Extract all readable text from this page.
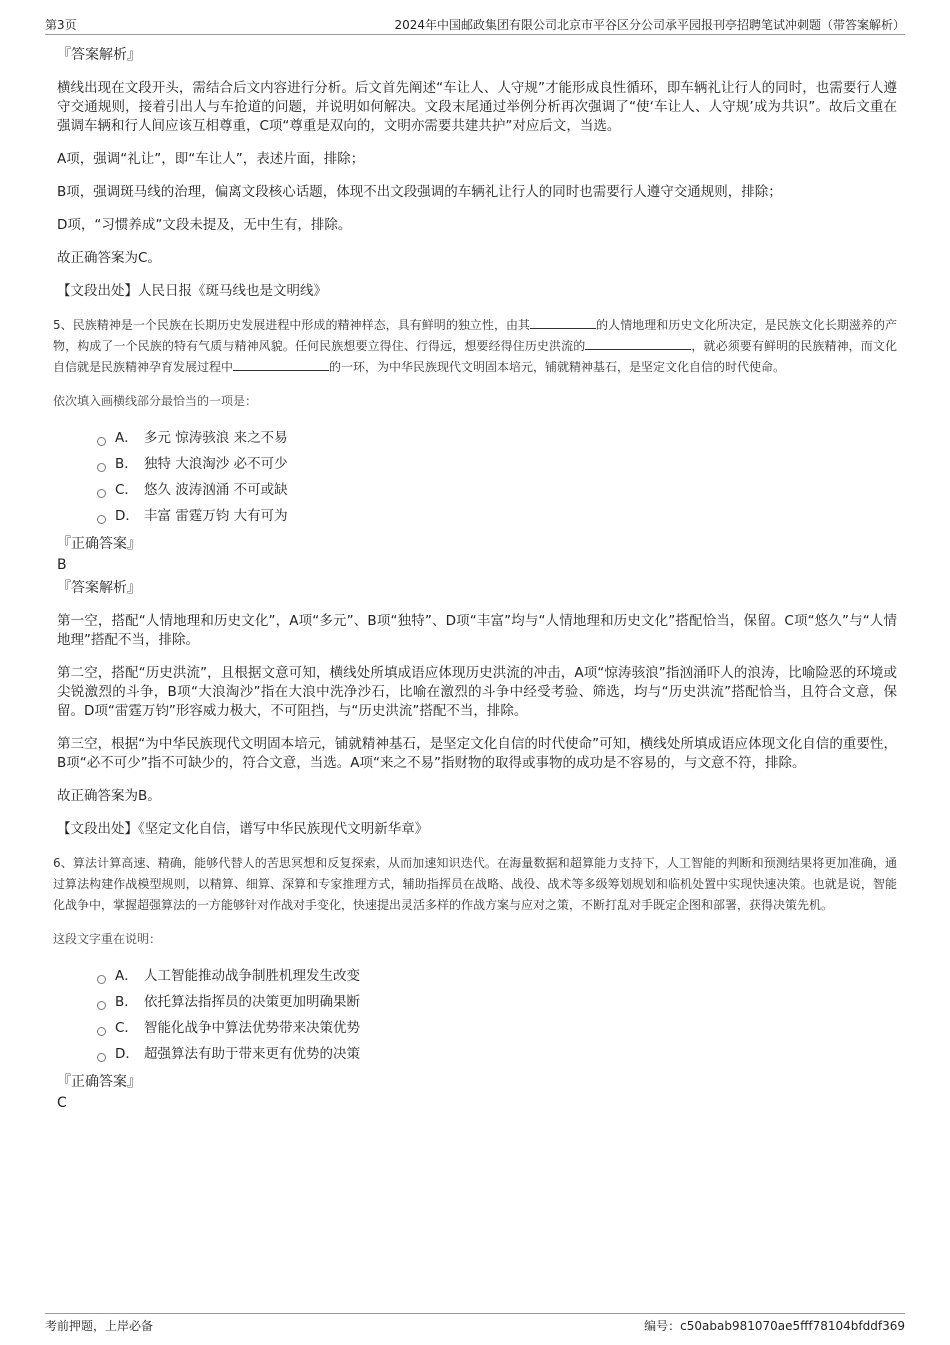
第3页	2024年中国邮政集团有限公司北京市平谷区分公司承平园报刊亭招聘笔试冲刺题（带答案解析）
『答案解析』

横线出现在文段开头，需结合后文内容进行分析。后文首先阐述“车让人、人守规”才能形成良性循环，即车辆礼让行人的同时，也需要行人遵守交通规则，接着引出人与车抢道的问题，并说明如何解决。文段末尾通过举例分析再次强调了“使‘车让人、人守规’成为共识”。故后文重在强调车辆和行人间应该互相尊重，C项“尊重是双向的，文明亦需要共建共护”对应后文，当选。

A项，强调“礼让”，即“车让人”，表述片面，排除；

B项，强调斑马线的治理，偏离文段核心话题，体现不出文段强调的车辆礼让行人的同时也需要行人遵守交通规则，排除；

D项，“习惯养成”文段未提及，无中生有，排除。

故正确答案为C。

【文段出处】人民日报《斑马线也是文明线》

5、民族精神是一个民族在长期历史发展进程中形成的精神样态，具有鲜明的独立性，由其	的人情地理和历史文化所决定，是民族文化长期滋养的产物，构成了一个民族的特有气质与精神风貌。任何民族想要立得住、行得远，想要经得住历史洪流的	，就必须要有鲜明的民族精神，而文化自信就是民族精神孕育发展过程中	的一环，为中华民族现代文明固本培元，铺就精神基石，是坚定文化自信的时代使命。

依次填入画横线部分最恰当的一项是：

A． 多元 惊涛骇浪 来之不易
B． 独特 大浪淘沙 必不可少
C． 悠久 波涛汹涌 不可或缺
D． 丰富 雷霆万钧 大有可为
『正确答案』
B
『答案解析』

第一空，搭配“人情地理和历史文化”，A项“多元”、B项“独特”、D项“丰富”均与“人情地理和历史文化”搭配恰当，保留。C项“悠久”与“人情地理”搭配不当，排除。

第二空，搭配“历史洪流”，且根据文意可知，横线处所填成语应体现历史洪流的冲击，A项“惊涛骇浪”指汹涌吓人的浪涛，比喻险恶的环境或尖锐激烈的斗争，B项“大浪淘沙”指在大浪中洗净沙石，比喻在激烈的斗争中经受考验、筛选，均与“历史洪流”搭配恰当，且符合文意，保留。D项“雷霆万钧”形容威力极大，不可阻挡，与“历史洪流”搭配不当，排除。

第三空，根据“为中华民族现代文明固本培元，铺就精神基石，是坚定文化自信的时代使命”可知，横线处所填成语应体现文化自信的重要性，B项“必不可少”指不可缺少的，符合文意，当选。A项“来之不易”指财物的取得或事物的成功是不容易的，与文意不符，排除。

故正确答案为B。

【文段出处】《坚定文化自信，谱写中华民族现代文明新华章》

6、算法计算高速、精确，能够代替人的苦思冥想和反复探索，从而加速知识迭代。在海量数据和超算能力支持下，人工智能的判断和预测结果将更加准确，通过算法构建作战模型规则，以精算、细算、深算和专家推理方式，辅助指挥员在战略、战役、战术等多级筹划规划和临机处置中实现快速决策。也就是说，智能化战争中，掌握超强算法的一方能够针对作战对手变化，快速提出灵活多样的作战方案与应对之策，不断打乱对手既定企图和部署，获得决策先机。

这段文字重在说明：

A． 人工智能推动战争制胜机理发生改变
B． 依托算法指挥员的决策更加明确果断
C． 智能化战争中算法优势带来决策优势
D． 超强算法有助于带来更有优势的决策
『正确答案』
C
考前押题，上岸必备	编号：c50abab981070ae5fff78104bfddf369
